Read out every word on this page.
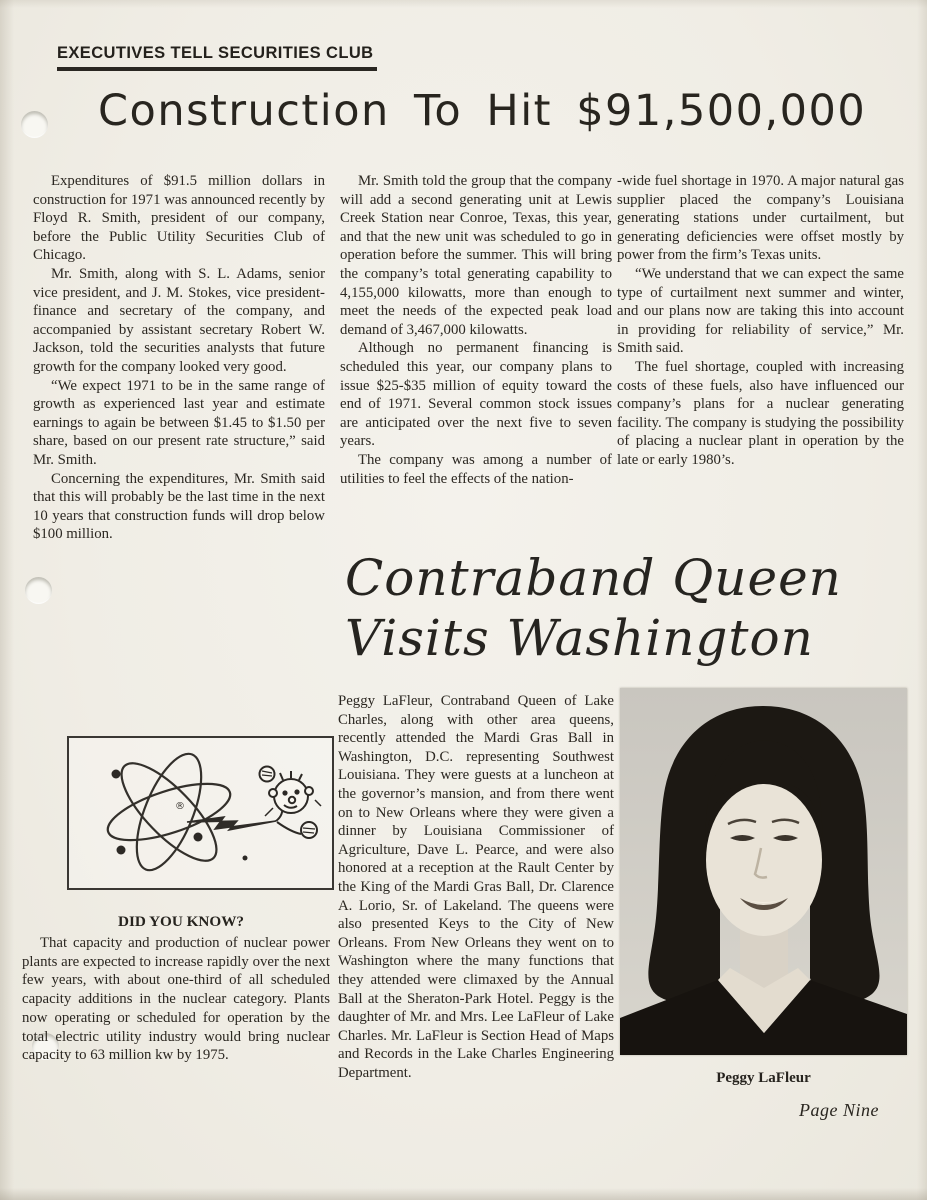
EXECUTIVES TELL SECURITIES CLUB
Construction To Hit $91,500,000

Expenditures of $91.5 million dollars in construction for 1971 was announced recently by Floyd R. Smith, president of our company, before the Public Utility Securities Club of Chicago.

Mr. Smith, along with S. L. Adams, senior vice president, and J. M. Stokes, vice president-finance and secretary of the company, and accompanied by assistant secretary Robert W. Jackson, told the securities analysts that future growth for the company looked very good.

“We expect 1971 to be in the same range of growth as experienced last year and estimate earnings to again be between $1.45 to $1.50 per share, based on our present rate structure,” said Mr. Smith.

Concerning the expenditures, Mr. Smith said that this will probably be the last time in the next 10 years that construction funds will drop below $100 million.

Mr. Smith told the group that the company will add a second generating unit at Lewis Creek Station near Conroe, Texas, this year, and that the new unit was scheduled to go in operation before the summer. This will bring the company’s total generating capability to 4,155,000 kilowatts, more than enough to meet the needs of the expected peak load demand of 3,467,000 kilowatts.

Although no permanent financing is scheduled this year, our company plans to issue $25-$35 million of equity toward the end of 1971. Several common stock issues are anticipated over the next five to seven years.

The company was among a number of utilities to feel the effects of the nation-

-wide fuel shortage in 1970. A major natural gas supplier placed the company’s Louisiana generating stations under curtailment, but generating deficiencies were offset mostly by power from the firm’s Texas units.

“We understand that we can expect the same type of curtailment next summer and winter, and our plans now are taking this into account in providing for reliability of service,” Mr. Smith said.

The fuel shortage, coupled with increasing costs of these fuels, also have influenced our company’s plans for a nuclear generating facility. The company is studying the possibility of placing a nuclear plant in operation by the late or early 1980’s.

Contraband Queen
Visits Washington
®
DID YOU KNOW?

That capacity and production of nuclear power plants are expected to increase rapidly over the next few years, with about one-third of all scheduled capacity additions in the nuclear category. Plants now operating or scheduled for operation by the total electric utility industry would bring nuclear capacity to 63 million kw by 1975.

Peggy LaFleur, Contraband Queen of Lake Charles, along with other area queens, recently attended the Mardi Gras Ball in Washington, D.C. representing Southwest Louisiana. They were guests at a luncheon at the governor’s mansion, and from there went on to New Orleans where they were given a dinner by Louisiana Commissioner of Agriculture, Dave L. Pearce, and were also honored at a reception at the Rault Center by the King of the Mardi Gras Ball, Dr. Clarence A. Lorio, Sr. of Lakeland. The queens were also presented Keys to the City of New Orleans. From New Orleans they went on to Washington where the many functions that they attended were climaxed by the Annual Ball at the Sheraton-Park Hotel. Peggy is the daughter of Mr. and Mrs. Lee LaFleur of Lake Charles. Mr. LaFleur is Section Head of Maps and Records in the Lake Charles Engineering Department.	Peggy LaFleur
Page Nine
